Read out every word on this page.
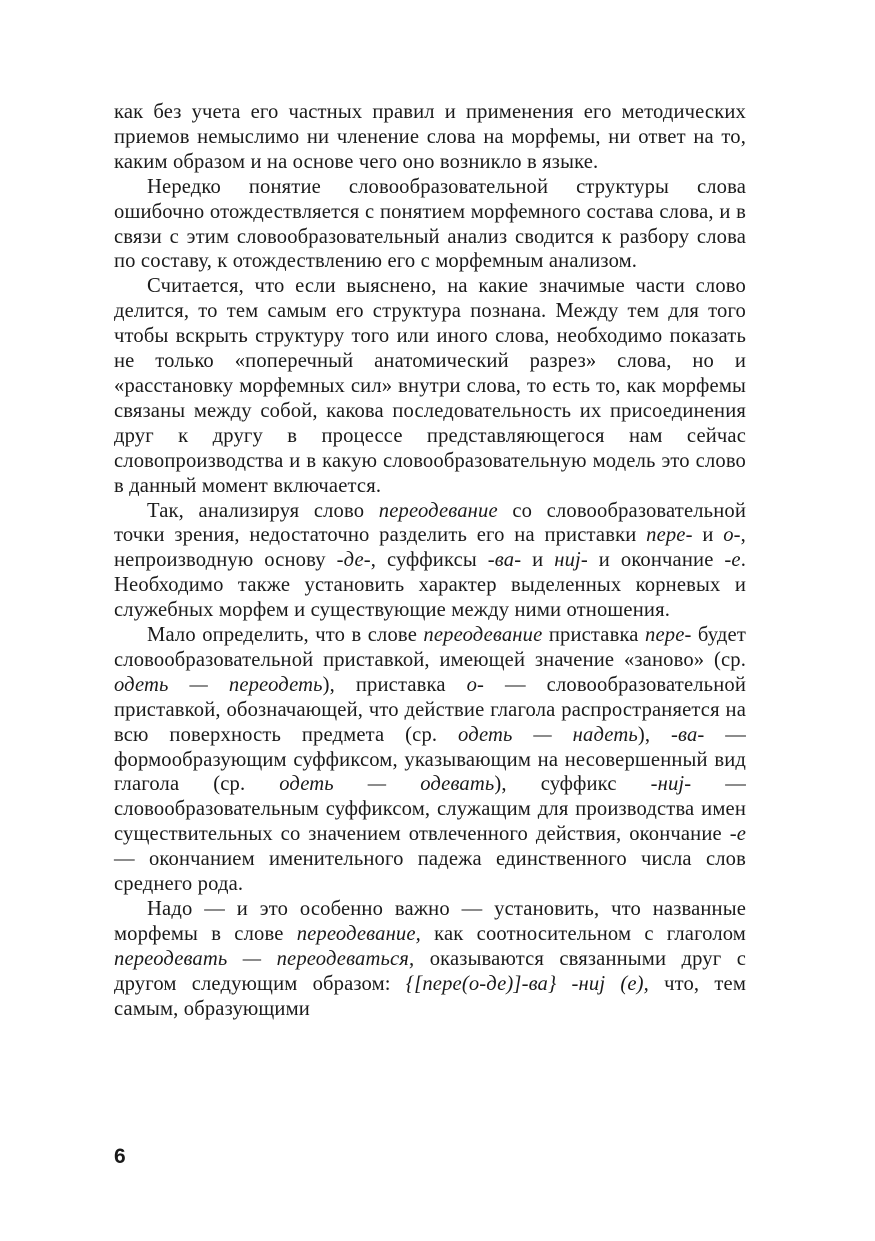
как без учета его частных правил и применения его методических приемов немыслимо ни членение слова на морфемы, ни ответ на то, каким образом и на основе чего оно возникло в языке.

Нередко понятие словообразовательной структуры слова ошибочно отождествляется с понятием морфемного состава слова, и в связи с этим словообразовательный анализ сводится к разбору слова по составу, к отождествлению его с морфемным анализом.

Считается, что если выяснено, на какие значимые части слово делится, то тем самым его структура познана. Между тем для того чтобы вскрыть структуру того или иного слова, необходимо показать не только «поперечный анатомический разрез» слова, но и «расстановку морфемных сил» внутри слова, то есть то, как морфемы связаны между собой, какова последовательность их присоединения друг к другу в процессе представляющегося нам сейчас словопроизводства и в какую словообразовательную модель это слово в данный момент включается.

Так, анализируя слово переодевание со словообразовательной точки зрения, недостаточно разделить его на приставки пере- и о-, непроизводную основу -де-, суффиксы -ва- и нuj- и окончание -е. Необходимо также установить характер выделенных корневых и служебных морфем и существующие между ними отношения.

Мало определить, что в слове переодевание приставка пере- будет словообразовательной приставкой, имеющей значение «заново» (ср. одеть — переодеть), приставка о- — словообразовательной приставкой, обозначающей, что действие глагола распространяется на всю поверхность предмета (ср. одеть — надеть), -ва- — формообразующим суффиксом, указывающим на несовершенный вид глагола (ср. одеть — одевать), суффикс -нuj- — словообразовательным суффиксом, служащим для производства имен существительных со значением отвлеченного действия, окончание -е — окончанием именительного падежа единственного числа слов среднего рода.

Надо — и это особенно важно — установить, что названные морфемы в слове переодевание, как соотносительном с глаголом переодевать — переодеваться, оказываются связанными друг с другом следующим образом: {[пере(о-де)]-ва} -нuj (е), что, тем самым, образующими

6
